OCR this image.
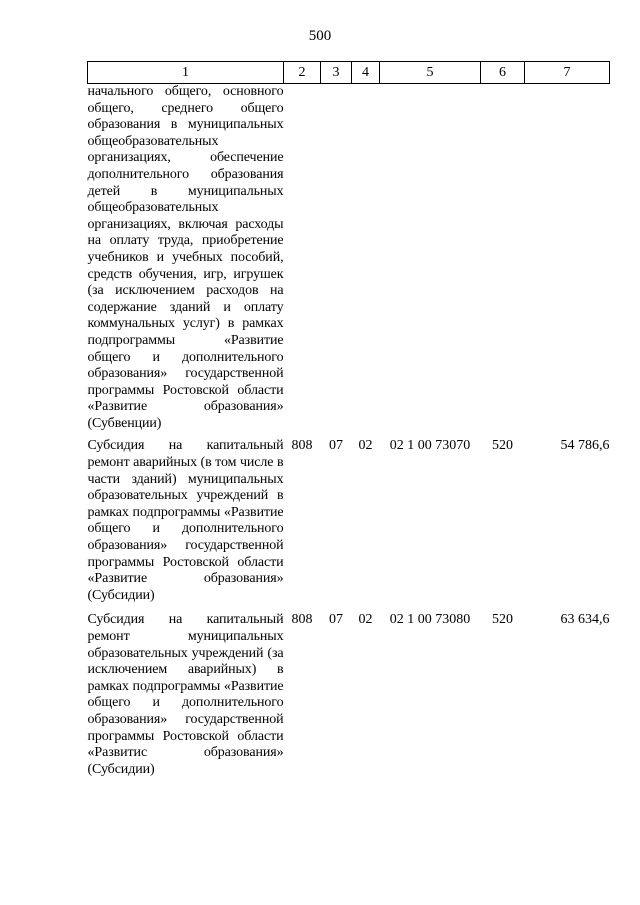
500
1	2	3	4	5	6	7
начального общего, основного общего, среднего общего образования в муниципальных общеобразовательных организациях, обеспечение дополнительного образования детей в муниципальных общеобразовательных организациях, включая расходы на оплату труда, приобретение учебников и учебных пособий, средств обучения, игр, игрушек (за исключением расходов на содержание зданий и оплату коммунальных услуг) в рамках подпрограммы «Развитие общего и дополнительного образования» государственной программы Ростовской области «Развитие образования» (Субвенции)						
Субсидия на капитальный ремонт аварийных (в том числе в части зданий) муниципальных образовательных учреждений в рамках подпрограммы «Развитие общего и дополнительного образования» государственной программы Ростовской области «Развитие образования» (Субсидии)	808	07	02	02 1 00 73070	520	54 786,6
Субсидия на капитальный ремонт муниципальных образовательных учреждений (за исключением аварийных) в рамках подпрограммы «Развитие общего и дополнительного образования» государственной программы Ростовской области «Развитис образования» (Субсидии)	808	07	02	02 1 00 73080	520	63 634,6
